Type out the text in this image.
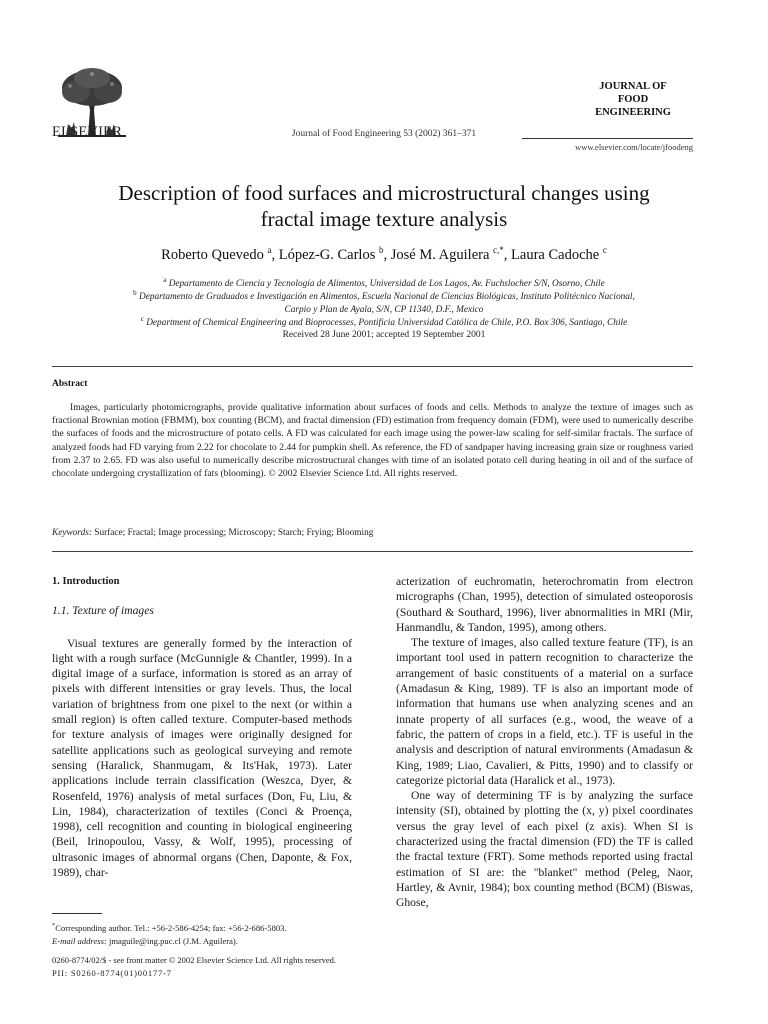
ELSEVIER	Journal of Food Engineering 53 (2002) 361–371
JOURNAL OF
FOOD
ENGINEERING
www.elsevier.com/locate/jfoodeng
Description of food surfaces and microstructural changes using
fractal image texture analysis
Roberto Quevedo $^a$, López-G. Carlos $^b$, José M. Aguilera $^{c,*}$, Laura Cadoche $^c$
$^a$ Departamento de Ciencia y Tecnología de Alimentos, Universidad de Los Lagos, Av. Fuchslocher S/N, Osorno, Chile
$^b$ Departamento de Graduados e Investigación en Alimentos, Escuela Nacional de Ciencias Biológicas, Instituto Politécnico Nacional,
Carpio y Plan de Ayala, S/N, CP 11340, D.F., Mexico
$^c$ Department of Chemical Engineering and Bioprocesses, Pontificia Universidad Católica de Chile, P.O. Box 306, Santiago, Chile
Received 28 June 2001; accepted 19 September 2001
Abstract

Images, particularly photomicrographs, provide qualitative information about surfaces of foods and cells. Methods to analyze the texture of images such as fractional Brownian motion (FBMM), box counting (BCM), and fractal dimension (FD) estimation from frequency domain (FDM), were used to numerically describe the surfaces of foods and the microstructure of potato cells. A FD was calculated for each image using the power-law scaling for self-similar fractals. The surface of analyzed foods had FD varying from 2.22 for chocolate to 2.44 for pumpkin shell. As reference, the FD of sandpaper having increasing grain size or roughness varied from 2.37 to 2.65. FD was also useful to numerically describe microstructural changes with time of an isolated potato cell during heating in oil and of the surface of chocolate undergoing crystallization of fats (blooming). © 2002 Elsevier Science Ltd. All rights reserved.

Keywords: Surface; Fractal; Image processing; Microscopy; Starch; Frying; Blooming
1. Introduction
1.1. Texture of images

Visual textures are generally formed by the interaction of light with a rough surface (McGunnigle & Chantler, 1999). In a digital image of a surface, information is stored as an array of pixels with different intensities or gray levels. Thus, the local variation of brightness from one pixel to the next (or within a small region) is often called texture. Computer-based methods for texture analysis of images were originally designed for satellite applications such as geological surveying and remote sensing (Haralick, Shanmugam, & Its'Hak, 1973). Later applications include terrain classification (Weszca, Dyer, & Rosenfeld, 1976) analysis of metal surfaces (Don, Fu, Liu, & Lin, 1984), characterization of textiles (Conci & Proença, 1998), cell recognition and counting in biological engineering (Beil, Irinopoulou, Vassy, & Wolf, 1995), processing of ultrasonic images of abnormal organs (Chen, Daponte, & Fox, 1989), char-

acterization of euchromatin, heterochromatin from electron micrographs (Chan, 1995), detection of simulated osteoporosis (Southard & Southard, 1996), liver abnormalities in MRI (Mir, Hanmandlu, & Tandon, 1995), among others.

The texture of images, also called texture feature (TF), is an important tool used in pattern recognition to characterize the arrangement of basic constituents of a material on a surface (Amadasun & King, 1989). TF is also an important mode of information that humans use when analyzing scenes and an innate property of all surfaces (e.g., wood, the weave of a fabric, the pattern of crops in a field, etc.). TF is useful in the analysis and description of natural environments (Amadasun & King, 1989; Liao, Cavalieri, & Pitts, 1990) and to classify or categorize pictorial data (Haralick et al., 1973).

One way of determining TF is by analyzing the surface intensity (SI), obtained by plotting the (x, y) pixel coordinates versus the gray level of each pixel (z axis). When SI is characterized using the fractal dimension (FD) the TF is called the fractal texture (FRT). Some methods reported using fractal estimation of SI are: the "blanket" method (Peleg, Naor, Hartley, & Avnir, 1984); box counting method (BCM) (Biswas, Ghose,

*Corresponding author. Tel.: +56-2-586-4254; fax: +56-2-686-5803.
E-mail address: jmaguile@ing.puc.cl (J.M. Aguilera).
0260-8774/02/$ - see front matter © 2002 Elsevier Science Ltd. All rights reserved.
PII: S0260-8774(01)00177-7
